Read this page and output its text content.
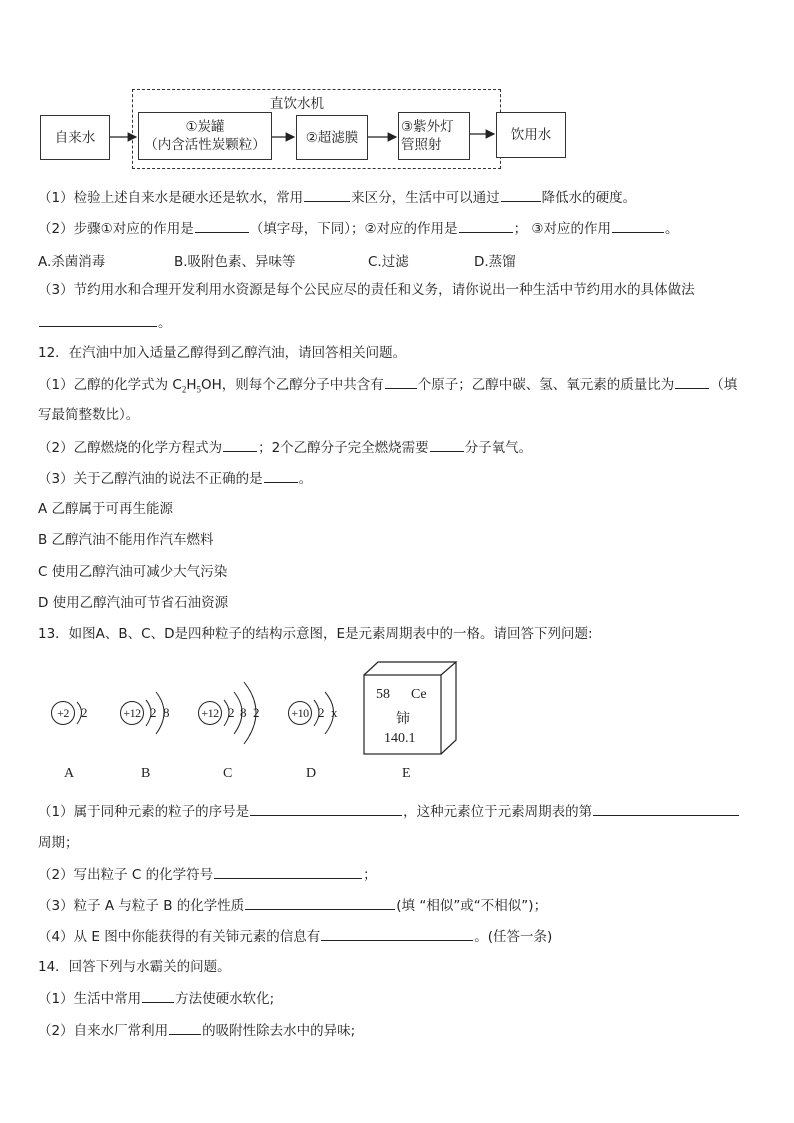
直饮水机
自来水
①炭罐
（内含活性炭颗粒）	②超滤膜
③紫外灯
管照射
饮用水
（1）检验上述自来水是硬水还是软水，常用	来区分，生活中可以通过	降低水的硬度。
（2）步骤①对应的作用是	（填字母，下同）；②对应的作用是	； ③对应的作用	。
A.杀菌消毒	B.吸附色素、异味等	C.过滤	D.蒸馏
（3）节约用水和合理开发利用水资源是每个公民应尽的责任和义务，请你说出一种生活中节约用水的具体做法
。
12．在汽油中加入适量乙醇得到乙醇汽油，请回答相关问题。
（1）乙醇的化学式为 $C_2H_5OH$，则每个乙醇分子中共含有	个原子；乙醇中碳、氢、氧元素的质量比为	（填
写最简整数比）。
（2）乙醇燃烧的化学方程式为	；2个乙醇分子完全燃烧需要	分子氧气。
（3）关于乙醇汽油的说法不正确的是	。
A 乙醇属于可再生能源
B 乙醇汽油不能用作汽车燃料
C 使用乙醇汽油可减少大气污染
D 使用乙醇汽油可节省石油资源
13．如图A、B、C、D是四种粒子的结构示意图，E是元素周期表中的一格。请回答下列问题:
+2 2	+12 2 8	+12 2 8 2	+10 2 x
58 Ce
铈
140.1
A	B	C	D	E
（1）属于同种元素的粒子的序号是	，这种元素位于元素周期表的第
周期；
（2）写出粒子 C 的化学符号	；
（3）粒子 A 与粒子 B 的化学性质	(填 “相似”或“不相似”)；
（4）从 E 图中你能获得的有关铈元素的信息有	。(任答一条)
14．回答下列与水霸关的问题。
（1）生活中常用	方法使硬水软化;
（2）自来水厂常利用	的吸附性除去水中的异味;
